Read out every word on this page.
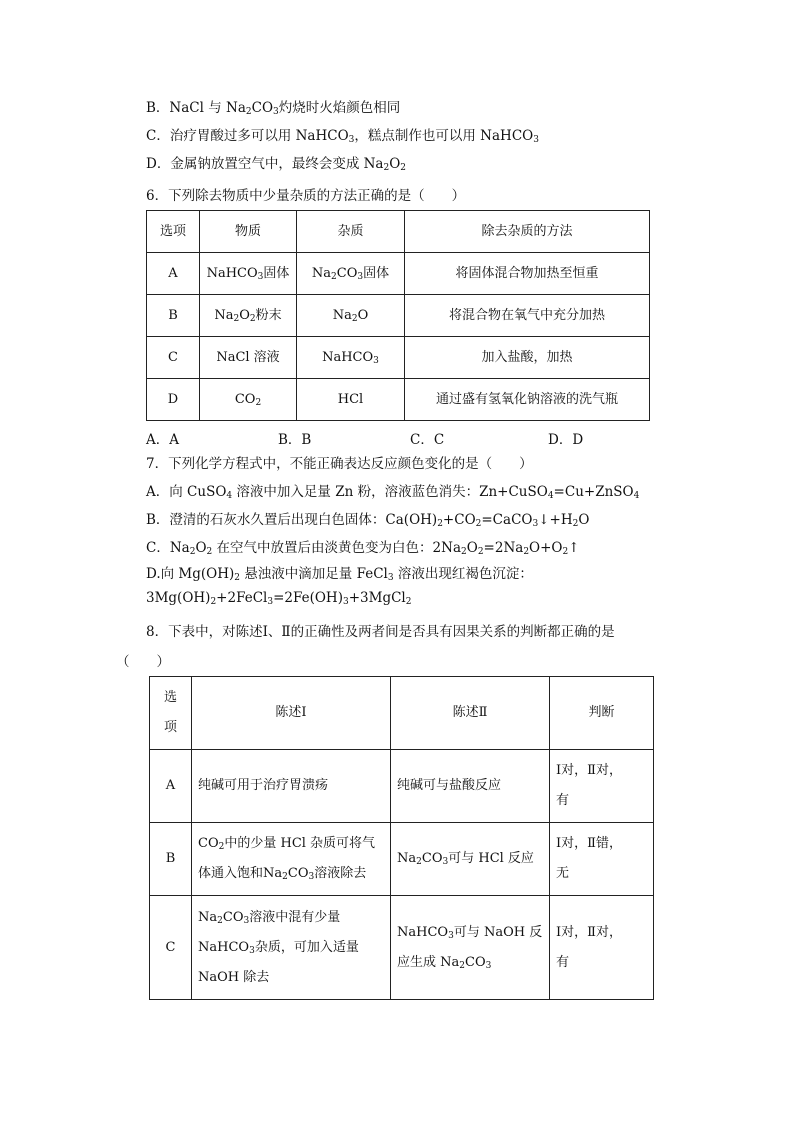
B．NaCl 与 $Na_2CO_3$灼烧时火焰颜色相同
C．治疗胃酸过多可以用 NaHCO$_3$，糕点制作也可以用 NaHCO$_3$
D．金属钠放置空气中，最终会变成 $Na_2O_2$
6．下列除去物质中少量杂质的方法正确的是（　　）
选项	物质	杂质	除去杂质的方法
A	NaHCO$_3$固体	$Na_2CO_3$固体	将固体混合物加热至恒重
B	$Na_2O_2$粉末	$Na_2O$	将混合物在氧气中充分加热
C	NaCl 溶液	NaHCO$_3$	加入盐酸，加热
D	$CO_2$	HCl	通过盛有氢氧化钠溶液的洗气瓶
A．A	B．B	C．C	D．D
7．下列化学方程式中，不能正确表达反应颜色变化的是（　　）
A．向 CuSO$_4$ 溶液中加入足量 Zn 粉，溶液蓝色消失：Zn+CuSO$_4$=Cu+ZnSO$_4$
B．澄清的石灰水久置后出现白色固体：$Ca(OH)_2+CO_2=CaCO_3↓+H_2O$
C．$Na_2O_2$ 在空气中放置后由淡黄色变为白色：$2Na_2O_2=2Na_2O+O_2↑$
D.向 $Mg(OH)_2$ 悬浊液中滴加足量 FeCl$_3$ 溶液出现红褐色沉淀：
$3Mg(OH)_2+2FeCl_3=2Fe(OH)_3+3MgCl_2$
8．下表中，对陈述Ⅰ、Ⅱ的正确性及两者间是否具有因果关系的判断都正确的是
（　　）
选
项	陈述Ⅰ	陈述Ⅱ	判断
A	纯碱可用于治疗胃溃疡	纯碱可与盐酸反应	Ⅰ对，Ⅱ对，
有
B	$CO_2$中的少量 HCl 杂质可将气
体通入饱和$Na_2CO_3$溶液除去	$Na_2CO_3$可与 HCl 反应	Ⅰ对，Ⅱ错，
无
C	$Na_2CO_3$溶液中混有少量
NaHCO$_3$杂质，可加入适量
NaOH 除去	NaHCO$_3$可与 NaOH 反
应生成 $Na_2CO_3$	Ⅰ对，Ⅱ对，
有
